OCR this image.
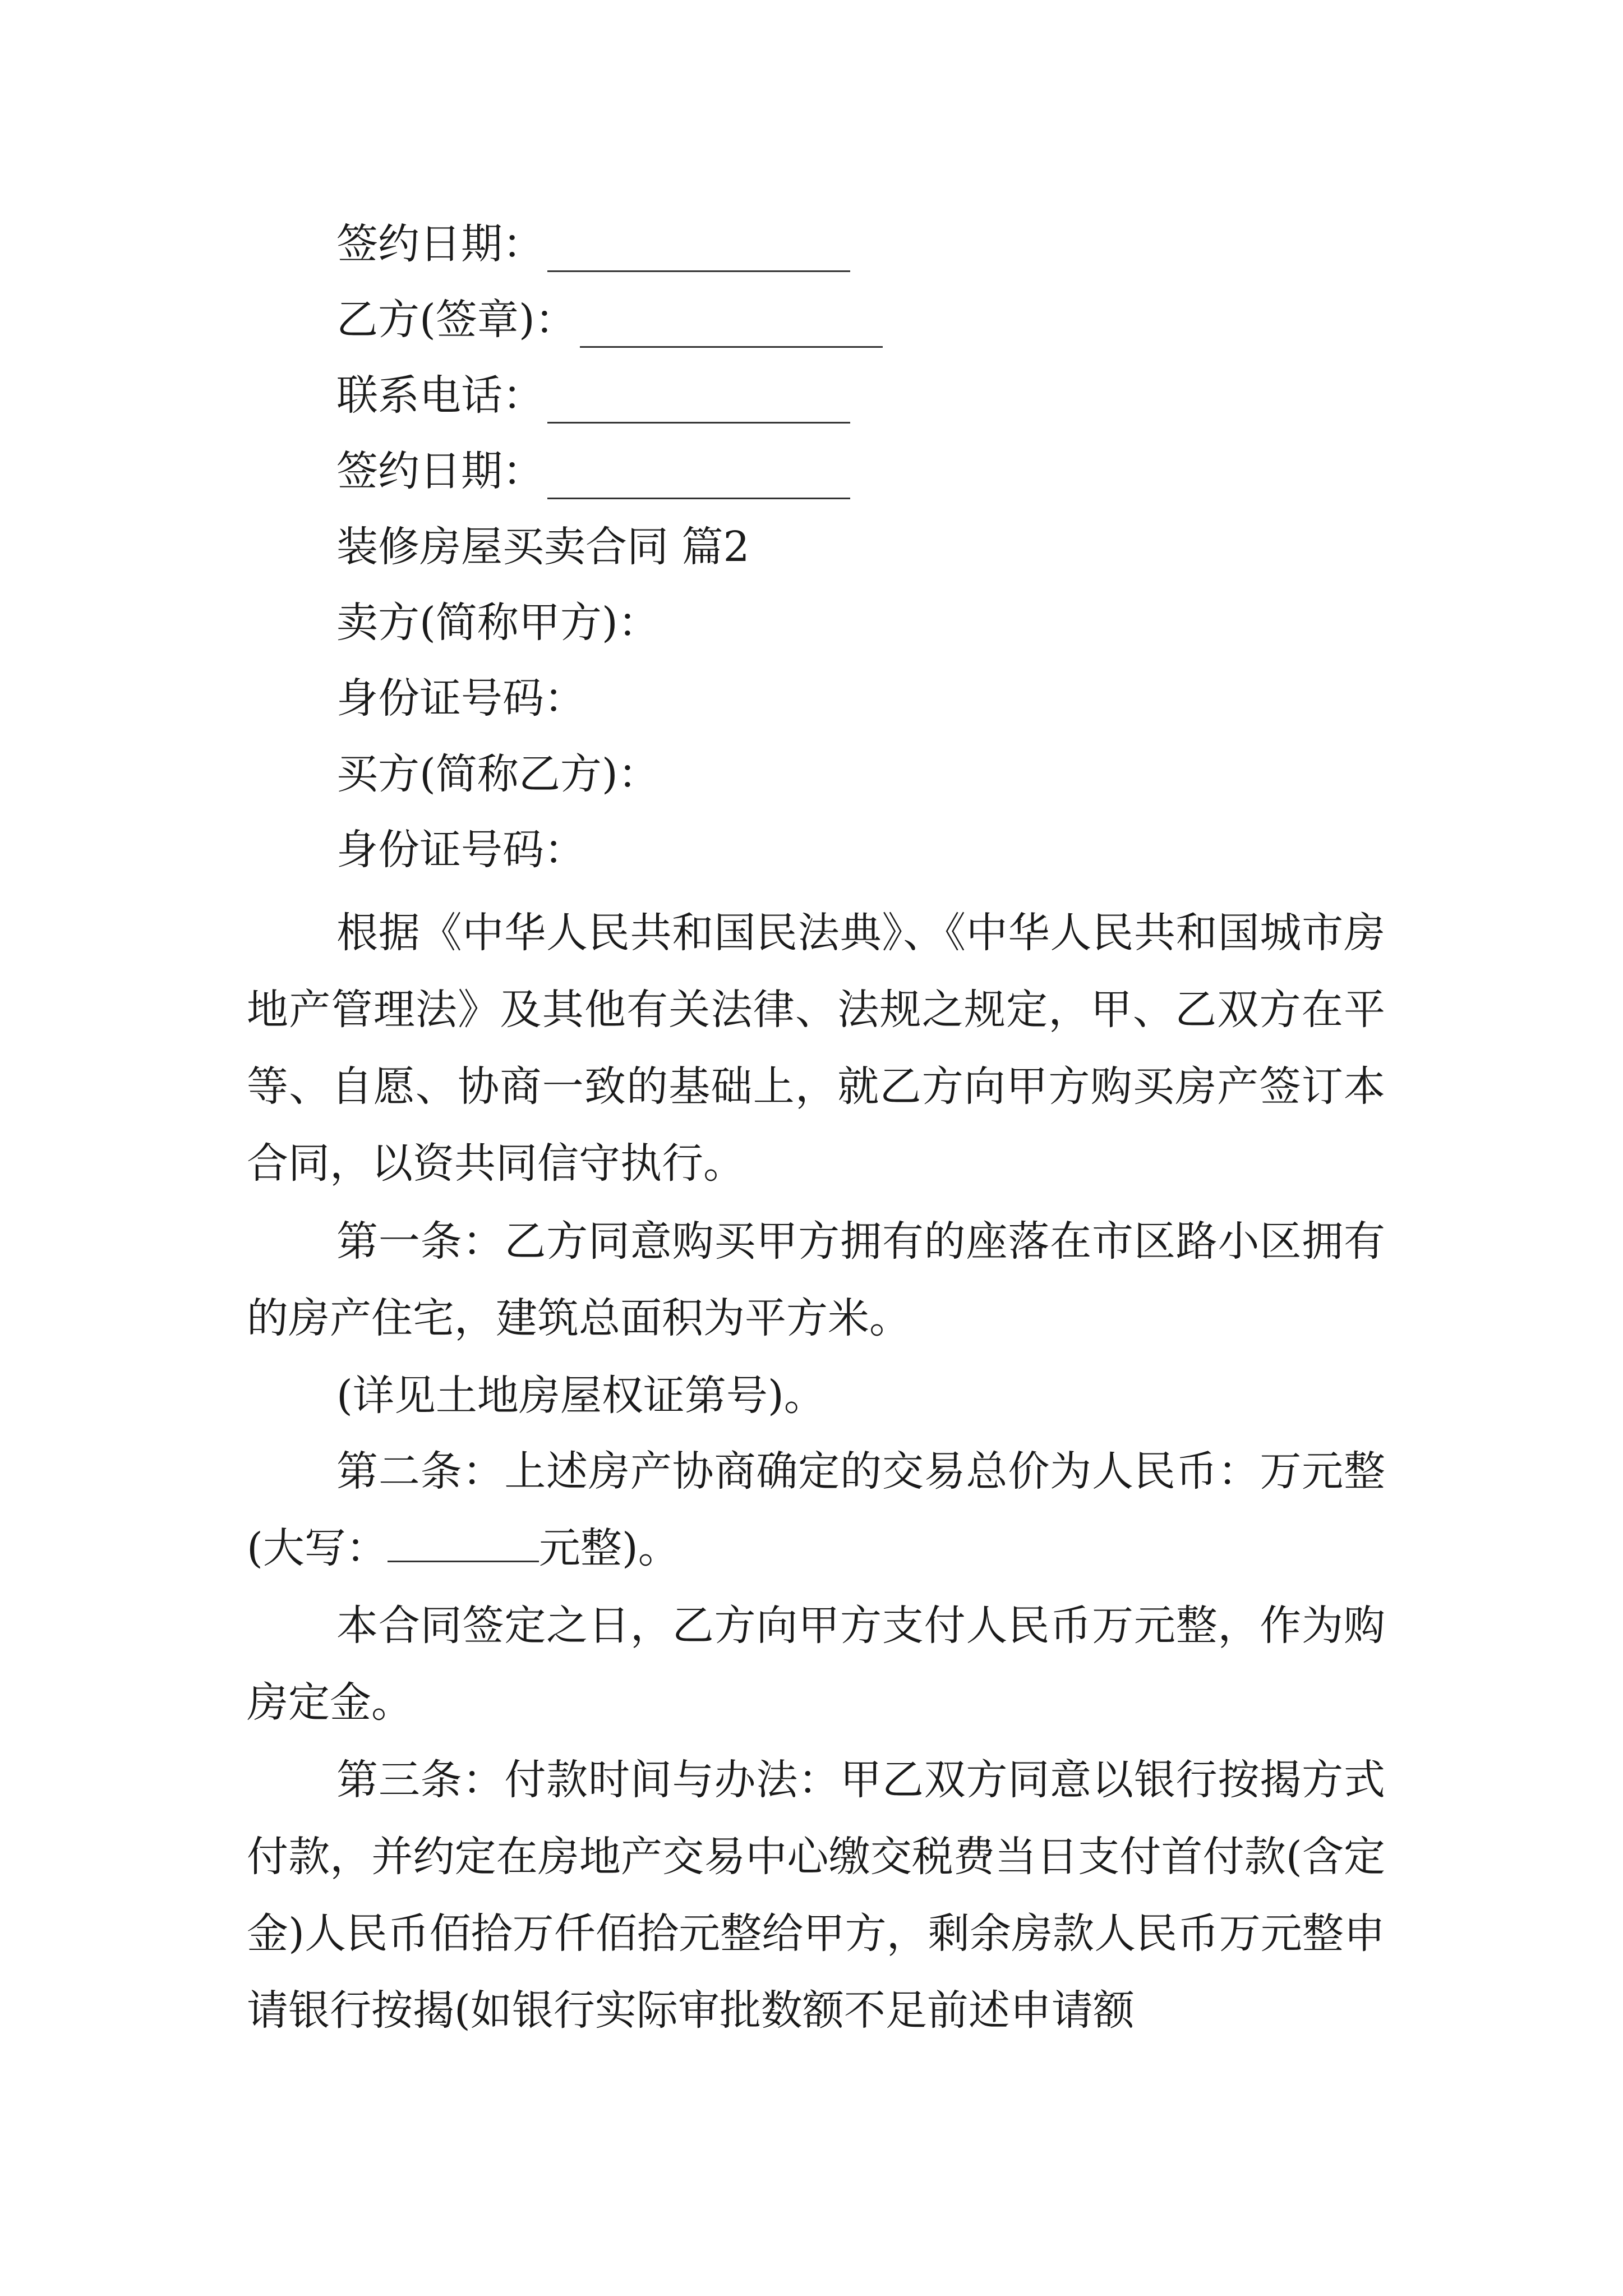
签约日期：
乙方(签章)：
联系电话：
签约日期：
装修房屋买卖合同 篇2
卖方(简称甲方)：
身份证号码：
买方(简称乙方)：
身份证号码：

根据《中华人民共和国民法典》、《中华人民共和国城市房地产管理法》及其他有关法律、法规之规定，甲、乙双方在平等、自愿、协商一致的基础上，就乙方向甲方购买房产签订本合同，以资共同信守执行。

第一条：乙方同意购买甲方拥有的座落在市区路小区拥有的房产住宅，建筑总面积为平方米。

(详见土地房屋权证第号)。

第二条：上述房产协商确定的交易总价为人民币：万元整(大写：	元整)。

本合同签定之日，乙方向甲方支付人民币万元整，作为购房定金。

第三条：付款时间与办法：甲乙双方同意以银行按揭方式付款，并约定在房地产交易中心缴交税费当日支付首付款(含定金)人民币佰拾万仟佰拾元整给甲方，剩余房款人民币万元整申请银行按揭(如银行实际审批数额不足前述申请额
